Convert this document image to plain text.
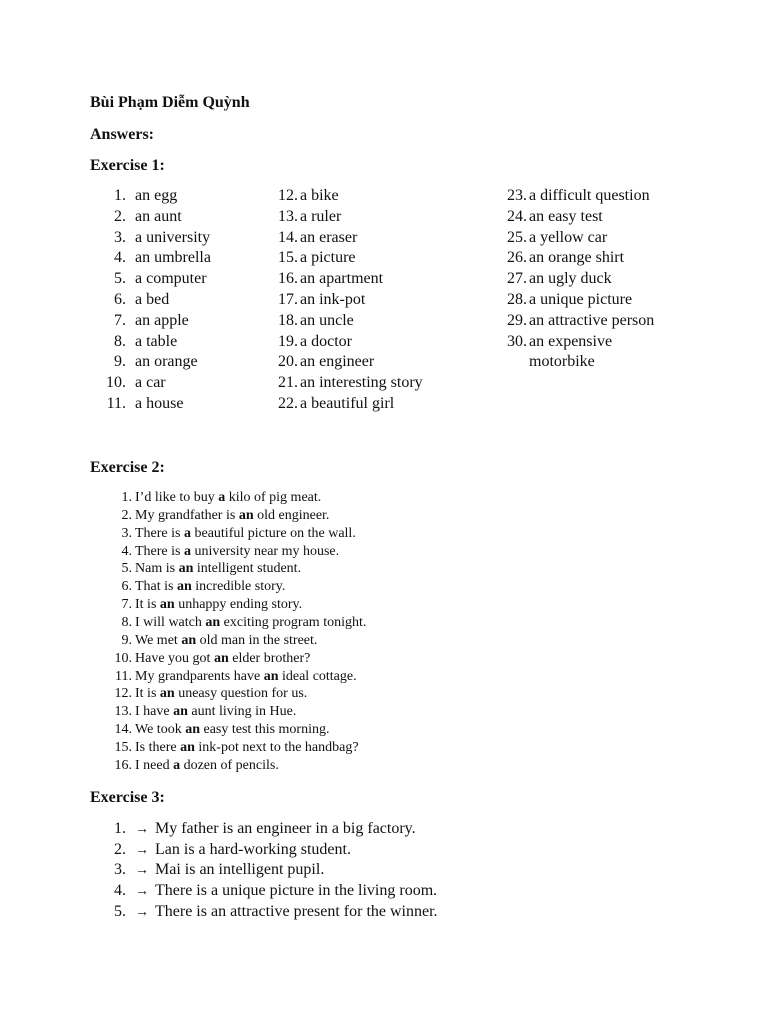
Bùi Phạm Diễm Quỳnh
Answers:
Exercise 1:
1. an egg
2. an aunt
3. a university
4. an umbrella
5. a computer
6. a bed
7. an apple
8. a table
9. an orange
10. a car
11. a house
12. a bike
13. a ruler
14. an eraser
15. a picture
16. an apartment
17. an ink-pot
18. an uncle
19. a doctor
20. an engineer
21. an interesting story
22. a beautiful girl
23. a difficult question
24. an easy test
25. a yellow car
26. an orange shirt
27. an ugly duck
28. a unique picture
29. an attractive person
30. an expensive
motorbike
Exercise 2:
1. I’d like to buy a kilo of pig meat.
2. My grandfather is an old engineer.
3. There is a beautiful picture on the wall.
4. There is a university near my house.
5. Nam is an intelligent student.
6. That is an incredible story.
7. It is an unhappy ending story.
8. I will watch an exciting program tonight.
9. We met an old man in the street.
10. Have you got an elder brother?
11. My grandparents have an ideal cottage.
12. It is an uneasy question for us.
13. I have an aunt living in Hue.
14. We took an easy test this morning.
15. Is there an ink-pot next to the handbag?
16. I need a dozen of pencils.
Exercise 3:
1. → My father is an engineer in a big factory.
2. → Lan is a hard-working student.
3. → Mai is an intelligent pupil.
4. → There is a unique picture in the living room.
5. → There is an attractive present for the winner.
